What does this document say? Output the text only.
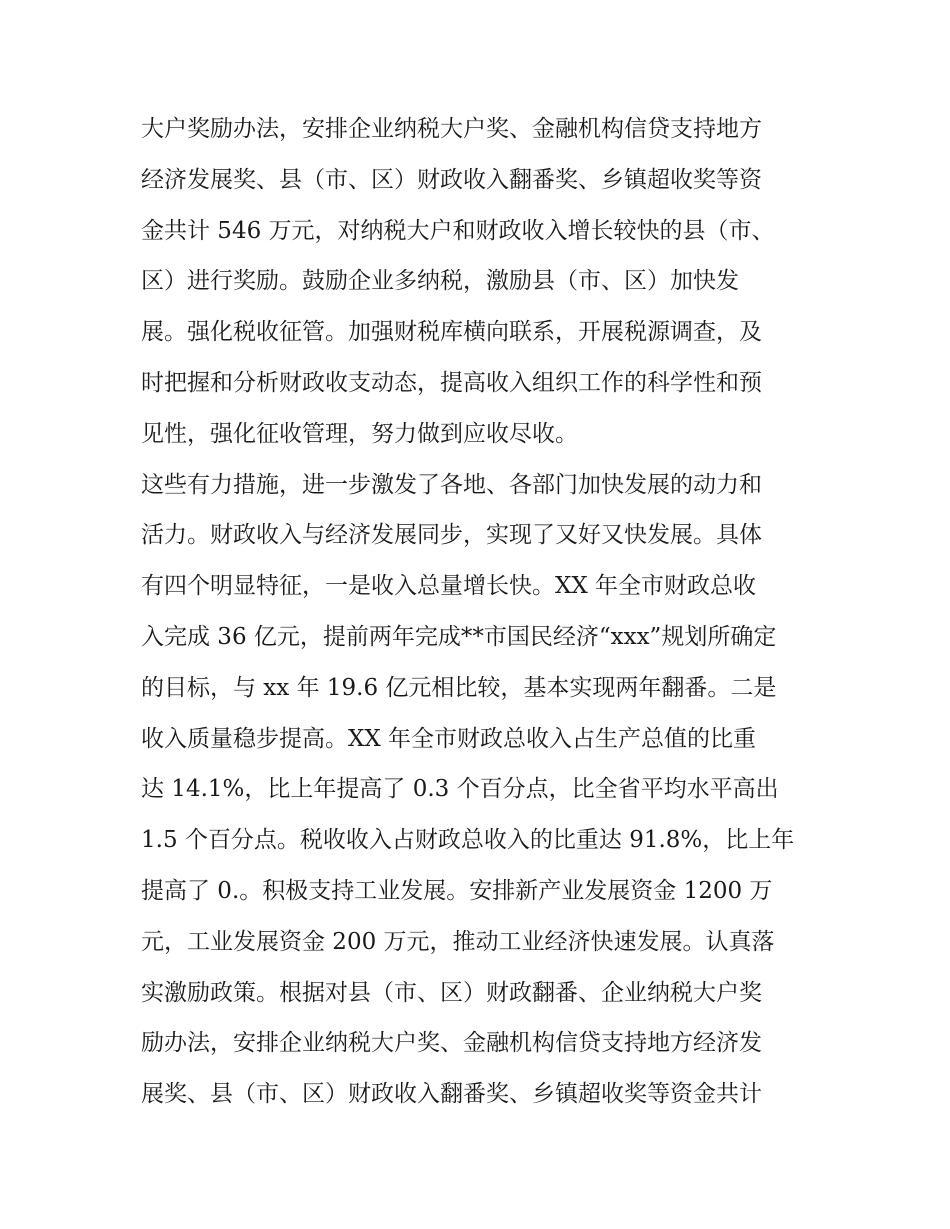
大户奖励办法，安排企业纳税大户奖、金融机构信贷支持地方
经济发展奖、县（市、区）财政收入翻番奖、乡镇超收奖等资
金共计 546 万元，对纳税大户和财政收入增长较快的县（市、
区）进行奖励。鼓励企业多纳税，激励县（市、区）加快发
展。强化税收征管。加强财税库横向联系，开展税源调查，及
时把握和分析财政收支动态，提高收入组织工作的科学性和预
见性，强化征收管理，努力做到应收尽收。
这些有力措施，进一步激发了各地、各部门加快发展的动力和
活力。财政收入与经济发展同步，实现了又好又快发展。具体
有四个明显特征，一是收入总量增长快。XX 年全市财政总收
入完成 36 亿元，提前两年完成**市国民经济“xxx”规划所确定
的目标，与 xx 年 19.6 亿元相比较，基本实现两年翻番。二是
收入质量稳步提高。XX 年全市财政总收入占生产总值的比重
达 14.1%，比上年提高了 0.3 个百分点，比全省平均水平高出
1.5 个百分点。税收收入占财政总收入的比重达 91.8%，比上年
提高了 0.。积极支持工业发展。安排新产业发展资金 1200 万
元，工业发展资金 200 万元，推动工业经济快速发展。认真落
实激励政策。根据对县（市、区）财政翻番、企业纳税大户奖
励办法，安排企业纳税大户奖、金融机构信贷支持地方经济发
展奖、县（市、区）财政收入翻番奖、乡镇超收奖等资金共计
